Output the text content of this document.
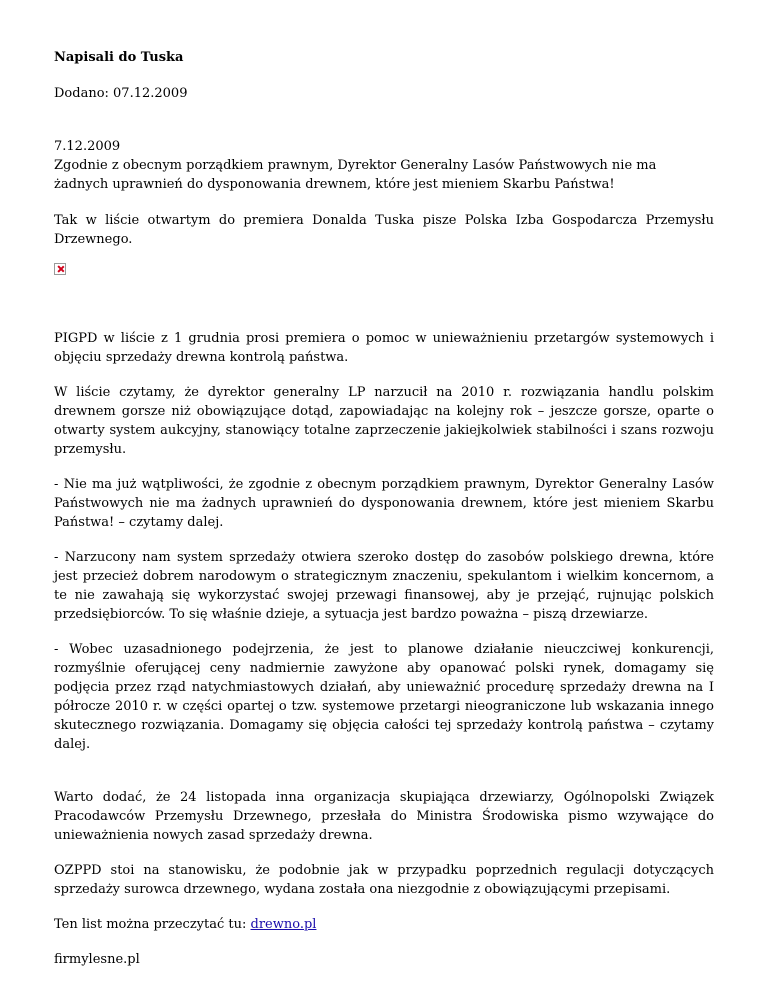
Napisali do Tuska
Dodano: 07.12.2009
7.12.2009
Zgodnie z obecnym porządkiem prawnym, Dyrektor Generalny Lasów Państwowych nie ma żadnych uprawnień do dysponowania drewnem, które jest mieniem Skarbu Państwa!
Tak w liście otwartym do premiera Donalda Tuska pisze Polska Izba Gospodarcza Przemysłu Drzewnego.
PIGPD w liście z 1 grudnia prosi premiera o pomoc w unieważnieniu przetargów systemowych i objęciu sprzedaży drewna kontrolą państwa.
W liście czytamy, że dyrektor generalny LP narzucił na 2010 r. rozwiązania handlu polskim drewnem gorsze niż obowiązujące dotąd, zapowiadając na kolejny rok – jeszcze gorsze, oparte o otwarty system aukcyjny, stanowiący totalne zaprzeczenie jakiejkolwiek stabilności i szans rozwoju przemysłu.
- Nie ma już wątpliwości, że zgodnie z obecnym porządkiem prawnym, Dyrektor Generalny Lasów Państwowych nie ma żadnych uprawnień do dysponowania drewnem, które jest mieniem Skarbu Państwa! – czytamy dalej.
- Narzucony nam system sprzedaży otwiera szeroko dostęp do zasobów polskiego drewna, które jest przecież dobrem narodowym o strategicznym znaczeniu, spekulantom i wielkim koncernom, a te nie zawahają się wykorzystać swojej przewagi finansowej, aby je przejąć, rujnując polskich przedsiębiorców. To się właśnie dzieje, a sytuacja jest bardzo poważna – piszą drzewiarze.
- Wobec uzasadnionego podejrzenia, że jest to planowe działanie nieuczciwej konkurencji, rozmyślnie oferującej ceny nadmiernie zawyżone aby opanować polski rynek, domagamy się podjęcia przez rząd natychmiastowych działań, aby unieważnić procedurę sprzedaży drewna na I półrocze 2010 r. w części opartej o tzw. systemowe przetargi nieograniczone lub wskazania innego skutecznego rozwiązania. Domagamy się objęcia całości tej sprzedaży kontrolą państwa – czytamy dalej.
Warto dodać, że 24 listopada inna organizacja skupiająca drzewiarzy, Ogólnopolski Związek Pracodawców Przemysłu Drzewnego, przesłała do Ministra Środowiska pismo wzywające do unieważnienia nowych zasad sprzedaży drewna.
OZPPD stoi na stanowisku, że podobnie jak w przypadku poprzednich regulacji dotyczących sprzedaży surowca drzewnego, wydana została ona niezgodnie z obowiązującymi przepisami.
Ten list można przeczytać tu: drewno.pl
firmylesne.pl
